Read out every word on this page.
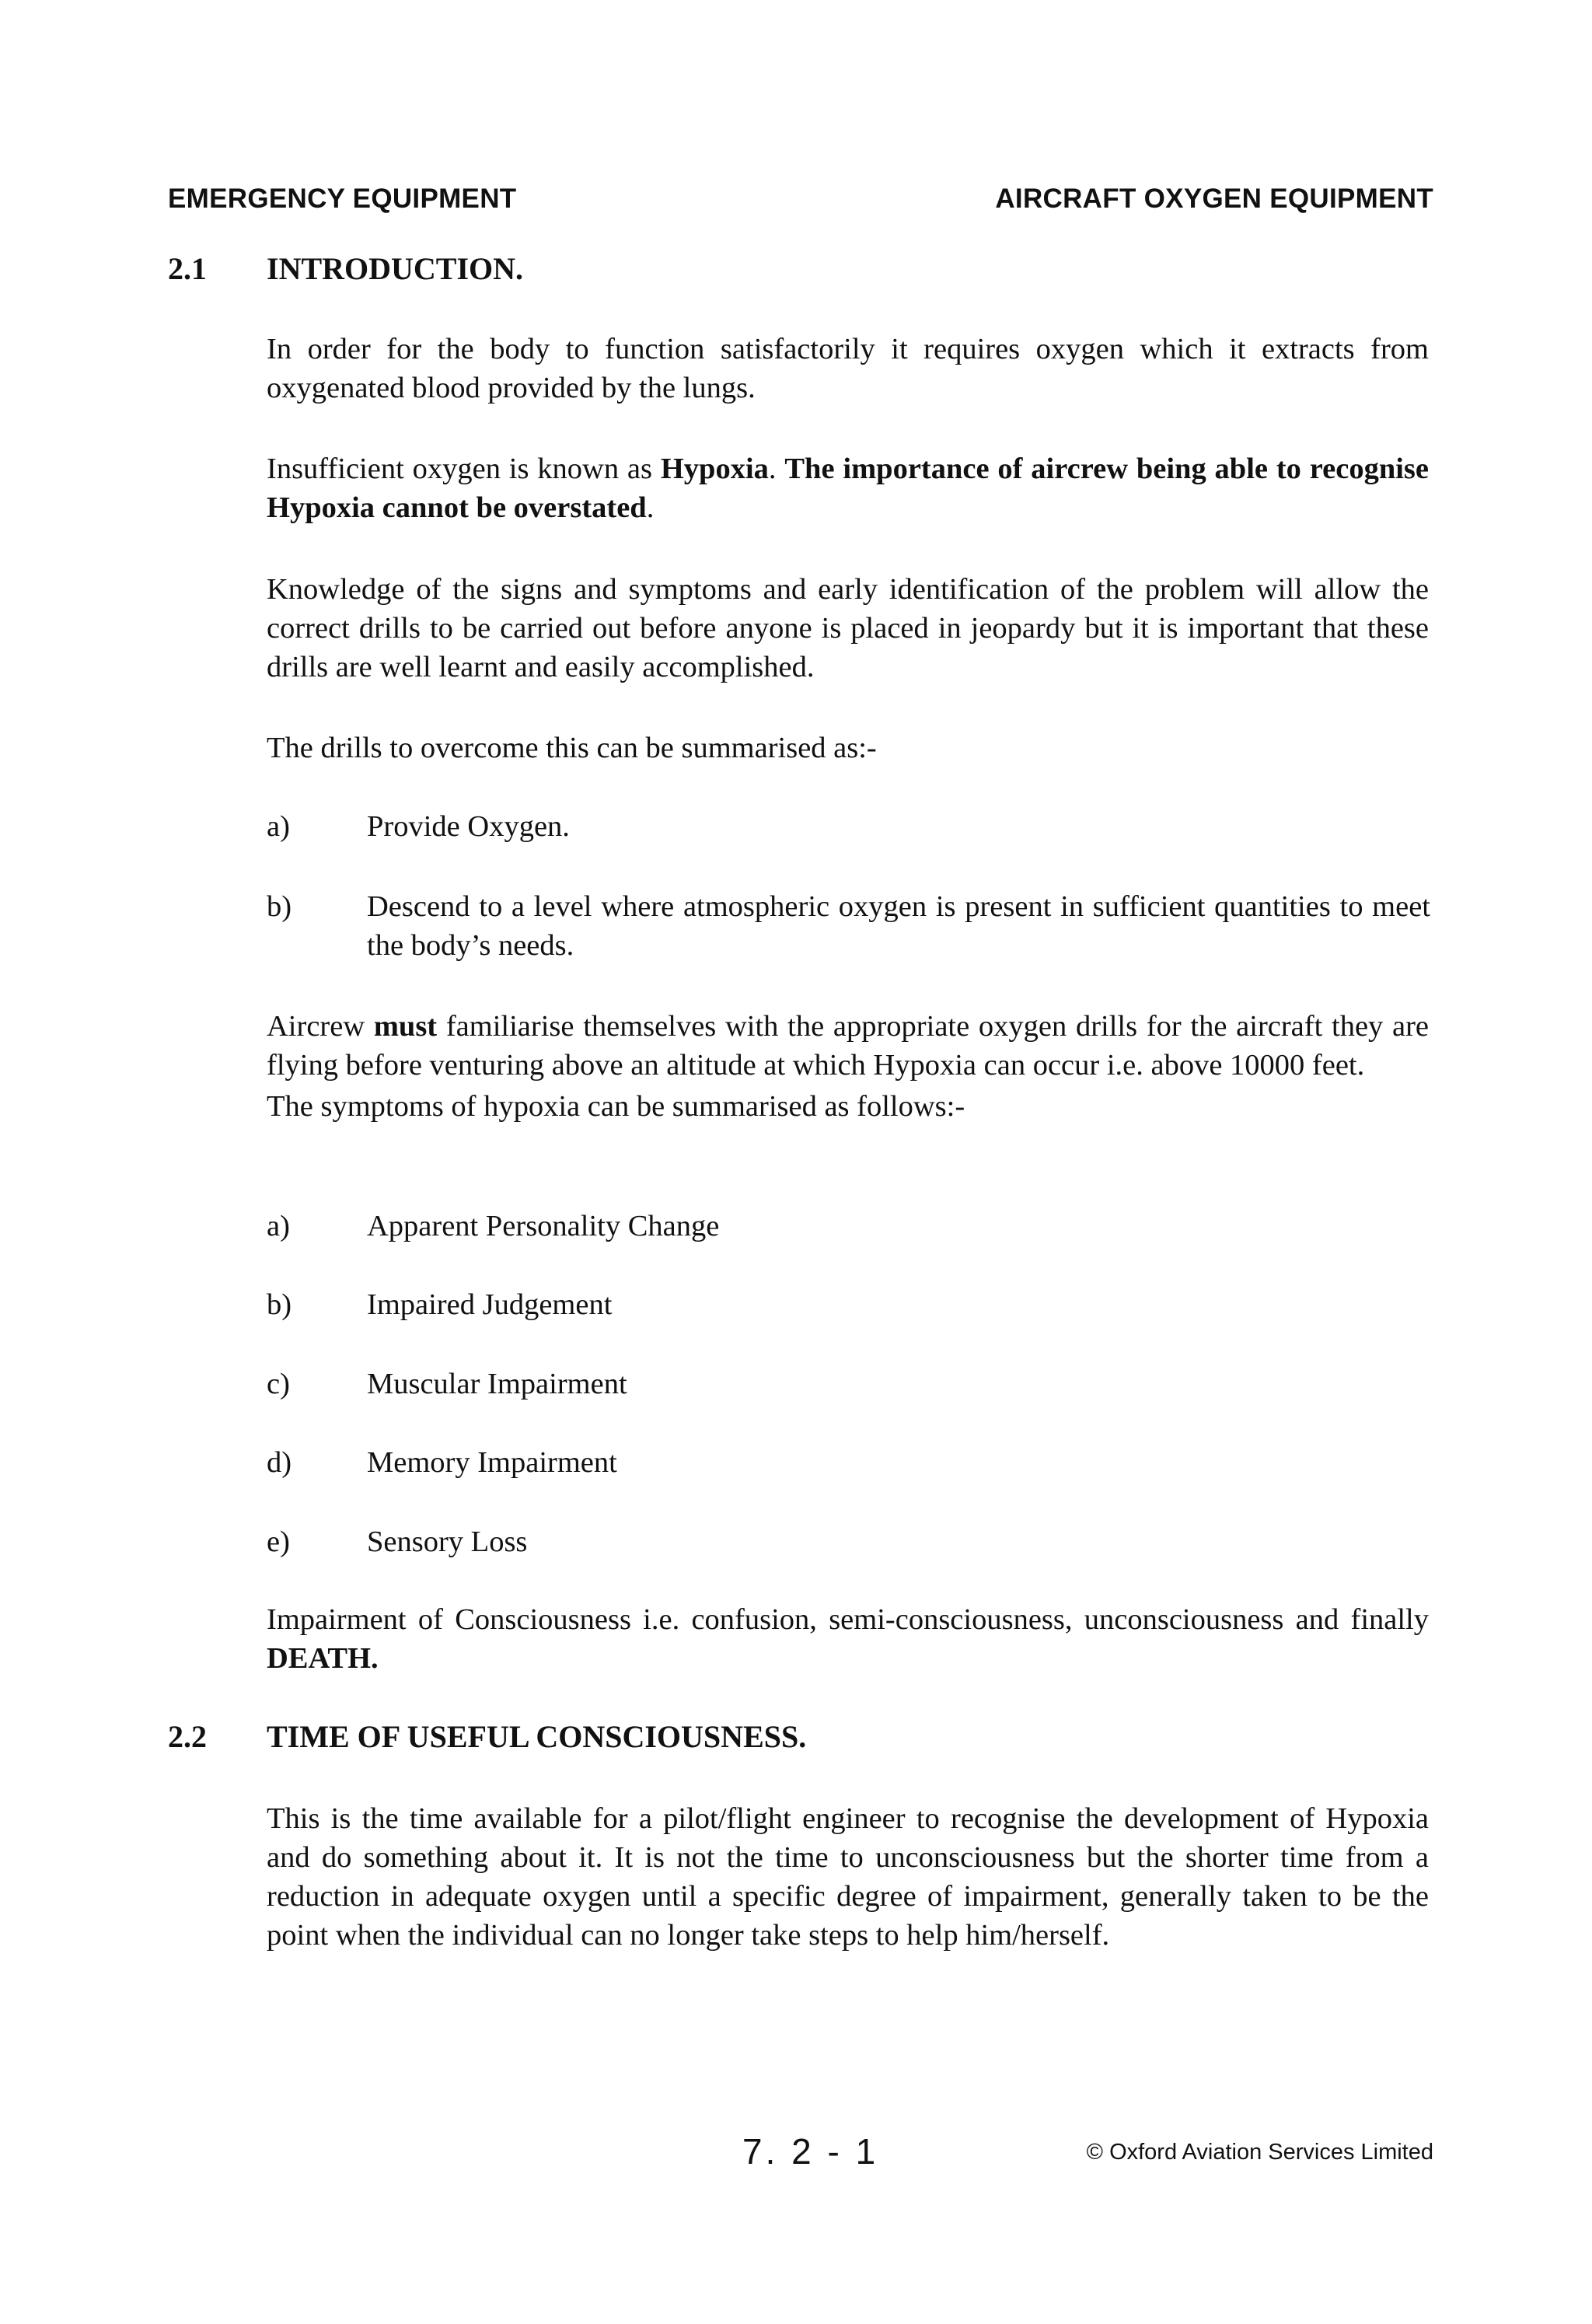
EMERGENCY EQUIPMENT	AIRCRAFT OXYGEN EQUIPMENT
2.1 INTRODUCTION.
In order for the body to function satisfactorily it requires oxygen which it extracts from oxygenated blood provided by the lungs.
Insufficient oxygen is known as Hypoxia. The importance of aircrew being able to recognise Hypoxia cannot be overstated.
Knowledge of the signs and symptoms and early identification of the problem will allow the correct drills to be carried out before anyone is placed in jeopardy but it is important that these drills are well learnt and easily accomplished.
The drills to overcome this can be summarised as:-
a)	Provide Oxygen.
b)	Descend to a level where atmospheric oxygen is present in sufficient quantities to meet the body’s needs.
Aircrew must familiarise themselves with the appropriate oxygen drills for the aircraft they are flying before venturing above an altitude at which Hypoxia can occur i.e. above 10000 feet.
The symptoms of hypoxia can be summarised as follows:-
a)	Apparent Personality Change
b)	Impaired Judgement
c)	Muscular Impairment
d)	Memory Impairment
e)	Sensory Loss
Impairment of Consciousness i.e. confusion, semi-consciousness, unconsciousness and finally DEATH.
2.2 TIME OF USEFUL CONSCIOUSNESS.
This is the time available for a pilot/flight engineer to recognise the development of Hypoxia and do something about it. It is not the time to unconsciousness but the shorter time from a reduction in adequate oxygen until a specific degree of impairment, generally taken to be the point when the individual can no longer take steps to help him/herself.
7. 2 - 1	© Oxford Aviation Services Limited
